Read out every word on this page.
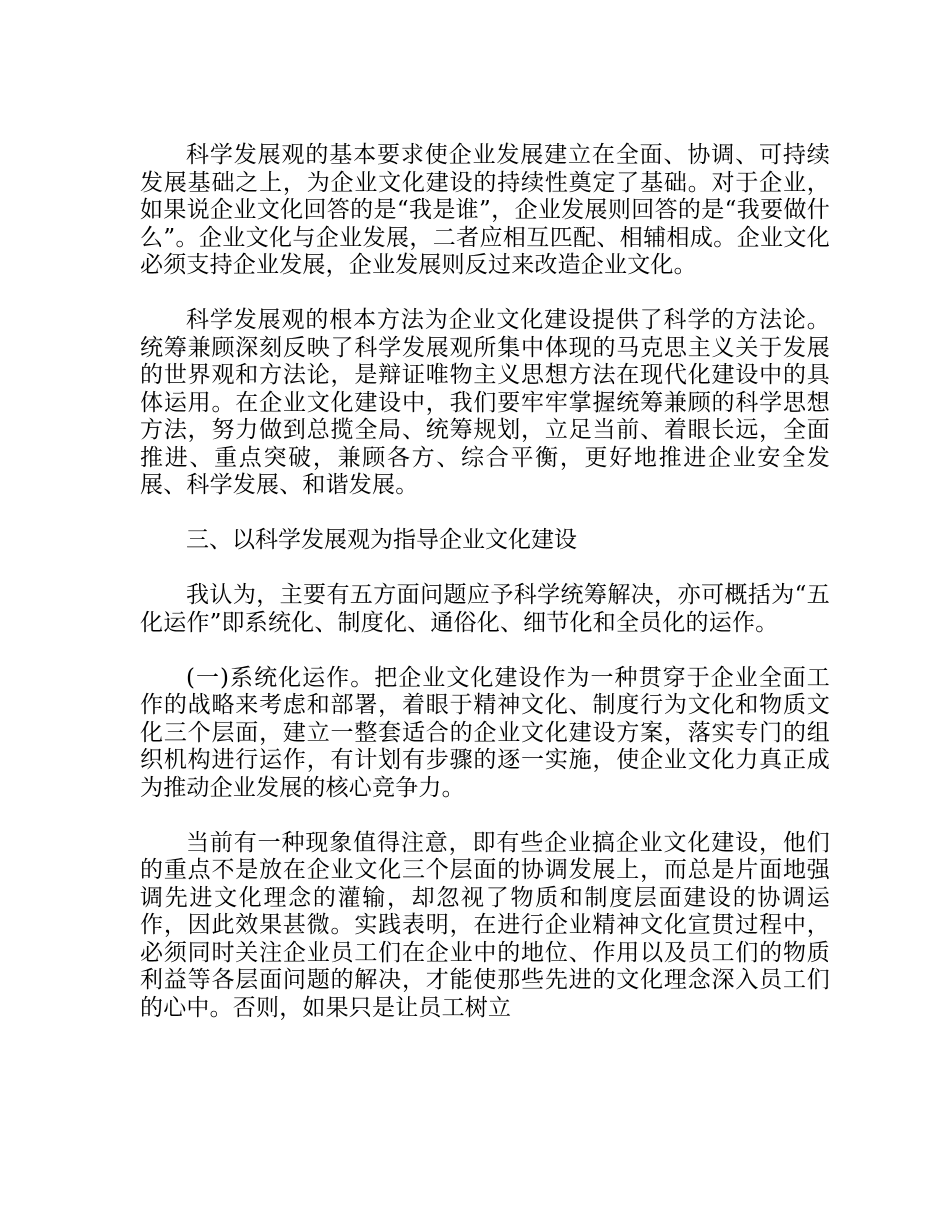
科学发展观的基本要求使企业发展建立在全面、协调、可持续发展基础之上，为企业文化建设的持续性奠定了基础。对于企业，如果说企业文化回答的是“我是谁”，企业发展则回答的是“我要做什么”。企业文化与企业发展，二者应相互匹配、相辅相成。企业文化必须支持企业发展，企业发展则反过来改造企业文化。

科学发展观的根本方法为企业文化建设提供了科学的方法论。统筹兼顾深刻反映了科学发展观所集中体现的马克思主义关于发展的世界观和方法论，是辩证唯物主义思想方法在现代化建设中的具体运用。在企业文化建设中，我们要牢牢掌握统筹兼顾的科学思想方法，努力做到总揽全局、统筹规划，立足当前、着眼长远，全面推进、重点突破，兼顾各方、综合平衡，更好地推进企业安全发展、科学发展、和谐发展。

三、以科学发展观为指导企业文化建设

我认为，主要有五方面问题应予科学统筹解决，亦可概括为“五化运作”即系统化、制度化、通俗化、细节化和全员化的运作。

(一)系统化运作。把企业文化建设作为一种贯穿于企业全面工作的战略来考虑和部署，着眼于精神文化、制度行为文化和物质文化三个层面，建立一整套适合的企业文化建设方案，落实专门的组织机构进行运作，有计划有步骤的逐一实施，使企业文化力真正成为推动企业发展的核心竞争力。

当前有一种现象值得注意，即有些企业搞企业文化建设，他们的重点不是放在企业文化三个层面的协调发展上，而总是片面地强调先进文化理念的灌输，却忽视了物质和制度层面建设的协调运作，因此效果甚微。实践表明，在进行企业精神文化宣贯过程中，必须同时关注企业员工们在企业中的地位、作用以及员工们的物质利益等各层面问题的解决，才能使那些先进的文化理念深入员工们的心中。否则，如果只是让员工树立
